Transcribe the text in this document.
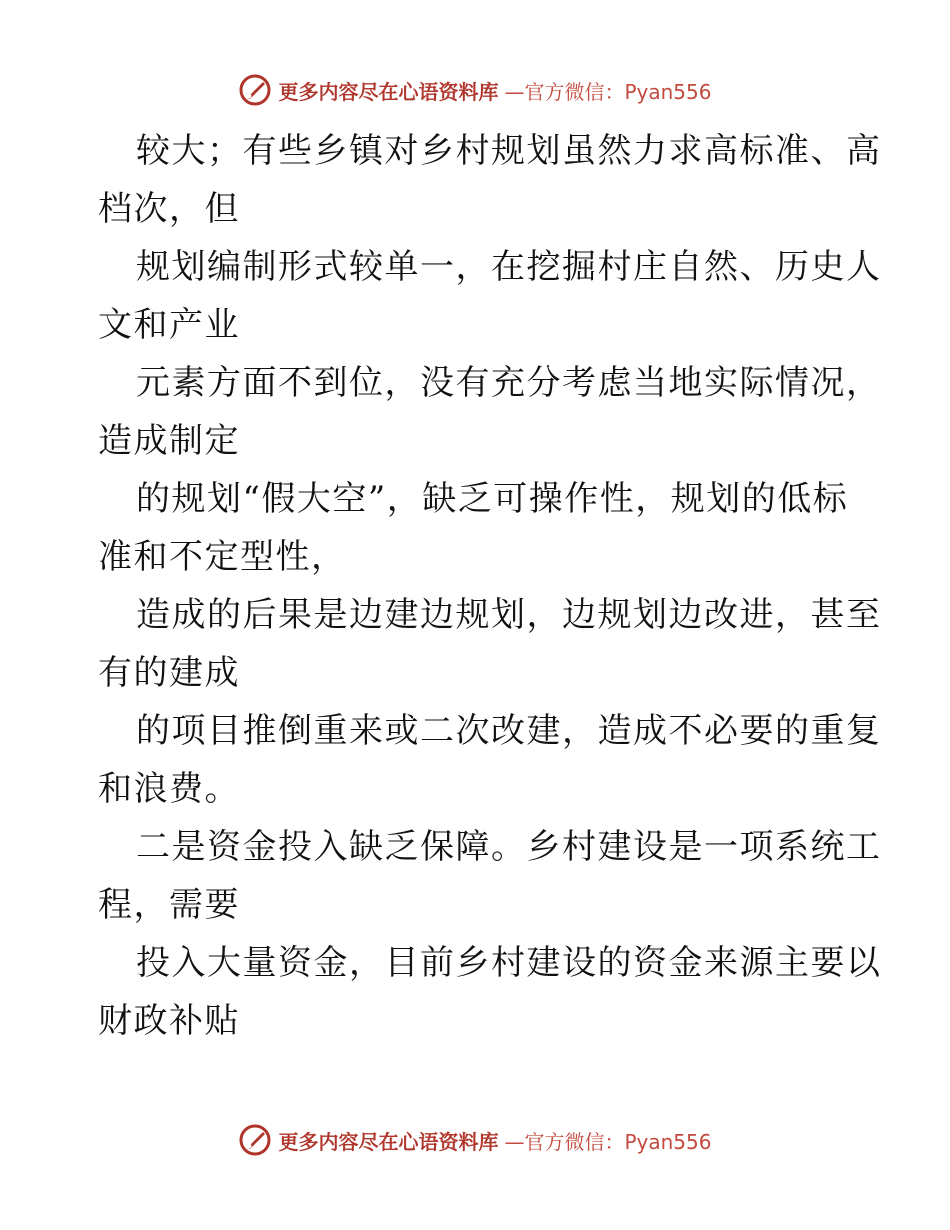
更多内容尽在心语资料库 —官方微信：Pyan556
较大；有些乡镇对乡村规划虽然力求高标准、高
档次，但
规划编制形式较单一，在挖掘村庄自然、历史人
文和产业
元素方面不到位，没有充分考虑当地实际情况，
造成制定
的规划“假大空”，缺乏可操作性，规划的低标
准和不定型性，
造成的后果是边建边规划，边规划边改进，甚至
有的建成
的项目推倒重来或二次改建，造成不必要的重复
和浪费。
二是资金投入缺乏保障。乡村建设是一项系统工
程，需要
投入大量资金，目前乡村建设的资金来源主要以
财政补贴
更多内容尽在心语资料库 —官方微信：Pyan556
